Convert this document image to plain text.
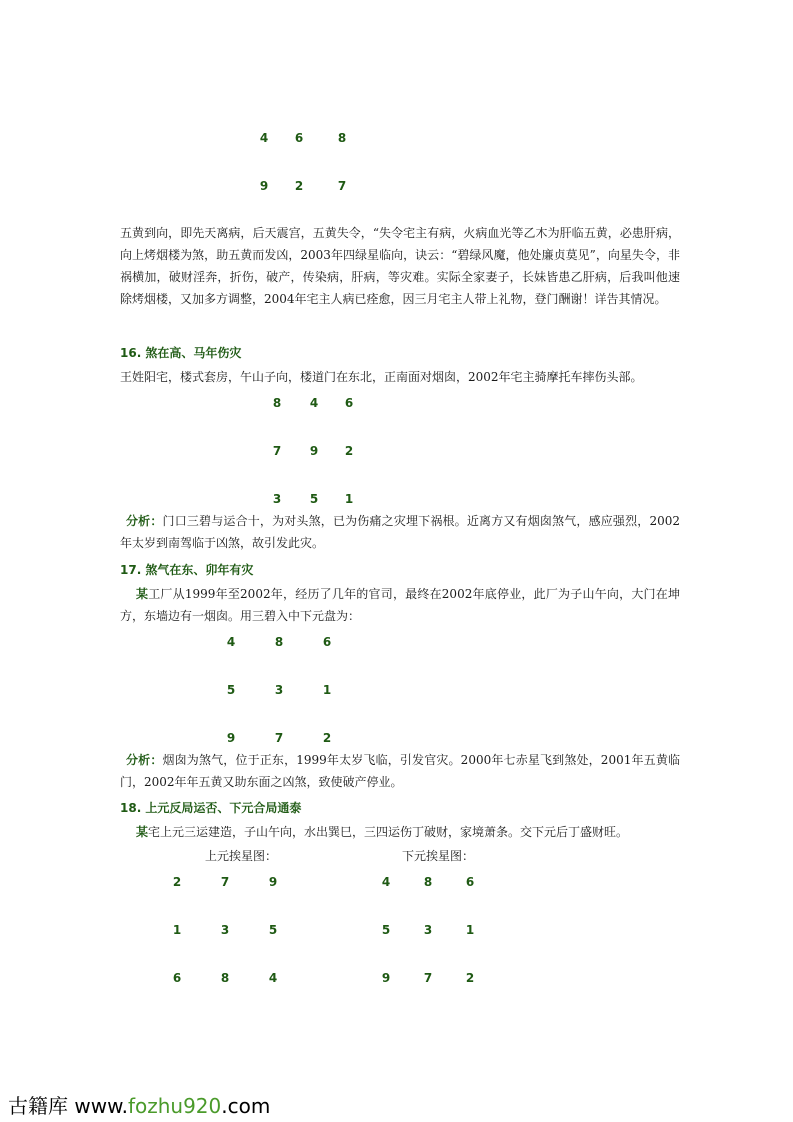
4 6	8
9 2	7
五黄到向，即先天离病，后天震宫，五黄失令，“失令宅主有病，火病血光等乙木为肝临五黄，必患肝病，向上烤烟楼为煞，助五黄而发凶，2003年四绿星临向，诀云：“碧绿风魔，他处廉贞莫见”，向星失令，非祸横加，破财淫奔，折伤，破产，传染病，肝病，等灾难。实际全家妻子，长妹皆患乙肝病，后我叫他速除烤烟楼，又加多方调整，2004年宅主人病已痊愈，因三月宅主人带上礼物，登门酬谢！详告其情况。
16. 煞在高、马年伤灾
王姓阳宅，楼式套房，午山子向，楼道门在东北，正南面对烟囱，2002年宅主骑摩托车摔伤头部。
8 4 6
7 9 2
3 5 1
分析：门口三碧与运合十，为对头煞，已为伤痛之灾埋下祸根。近离方又有烟囱煞气，感应强烈，2002年太岁到南驾临于凶煞，故引发此灾。
17. 煞气在东、卯年有灾
某工厂从1999年至2002年，经历了几年的官司，最终在2002年底停业，此厂为子山午向，大门在坤方，东墙边有一烟囱。用三碧入中下元盘为：
4	8	6
5	3	1
9	7	2
分析：烟囱为煞气，位于正东，1999年太岁飞临，引发官灾。2000年七赤星飞到煞处，2001年五黄临门，2002年年五黄又助东面之凶煞，致使破产停业。
18. 上元反局运否、下元合局通泰
某宅上元三运建造，子山午向，水出巽巳，三四运伤丁破财，家境萧条。交下元后丁盛财旺。
上元挨星图：	下元挨星图：
2	7	9
1	3	5
6	8	4
4	8	6
5	3	1
9	7	2
古籍库 www.fozhu920.com
